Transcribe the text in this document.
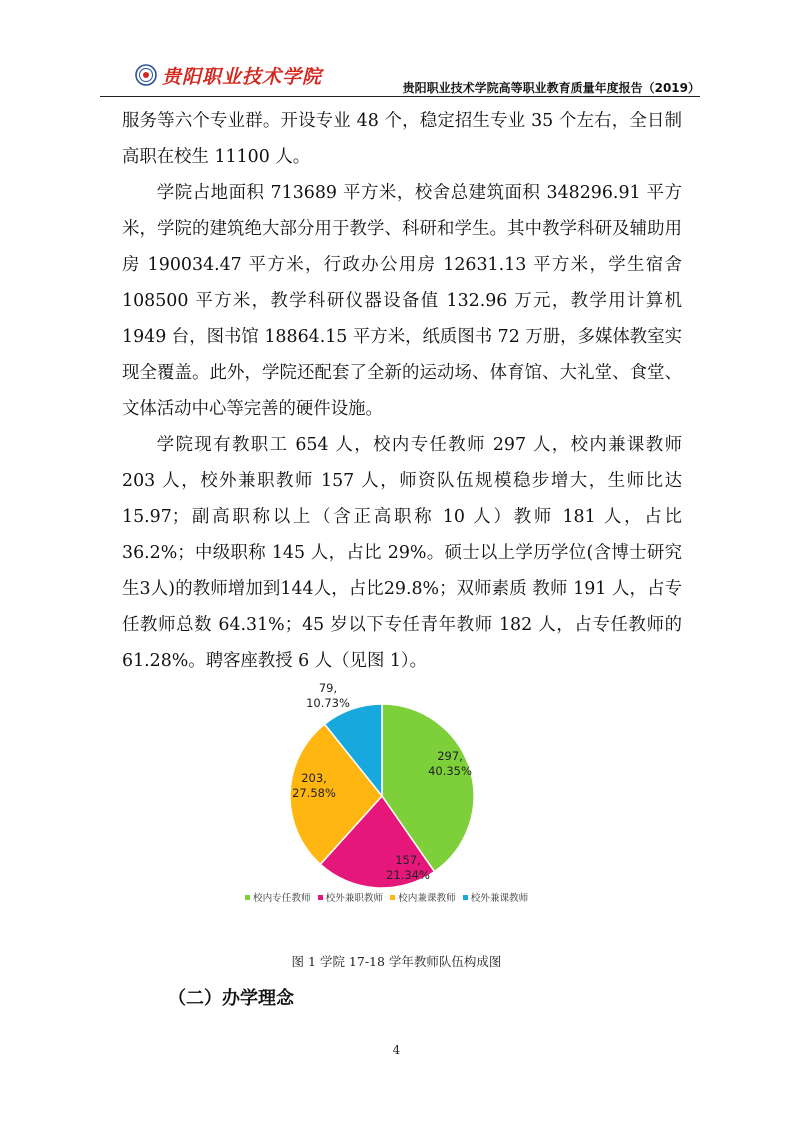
贵阳职业技术学院	贵阳职业技术学院高等职业教育质量年度报告（2019）

服务等六个专业群。开设专业 48 个，稳定招生专业 35 个左右，全日制高职在校生 11100 人。

学院占地面积 713689 平方米，校舍总建筑面积 348296.91 平方米，学院的建筑绝大部分用于教学、科研和学生。其中教学科研及辅助用房 190034.47 平方米，行政办公用房 12631.13 平方米，学生宿舍 108500 平方米，教学科研仪器设备值 132.96 万元，教学用计算机 1949 台，图书馆 18864.15 平方米，纸质图书 72 万册，多媒体教室实现全覆盖。此外，学院还配套了全新的运动场、体育馆、大礼堂、食堂、文体活动中心等完善的硬件设施。

学院现有教职工 654 人，校内专任教师 297 人，校内兼课教师 203 人，校外兼职教师 157 人，师资队伍规模稳步增大，生师比达 15.97；副高职称以上（含正高职称 10 人）教师 181 人，占比 36.2%；中级职称 145 人，占比 29%。硕士以上学历学位(含博士研究生3人)的教师增加到144人，占比29.8%；双师素质 教师 191 人，占专任教师总数 64.31%；45 岁以下专任青年教师 182 人，占专任教师的 61.28%。聘客座教授 6 人（见图 1）。

297, 40.35%
157, 21.34%
203, 27.58%
79, 10.73%
校内专任教师 校外兼职教师 校内兼课教师 校外兼课教师
图 1 学院 17-18 学年教师队伍构成图
（二）办学理念
4
